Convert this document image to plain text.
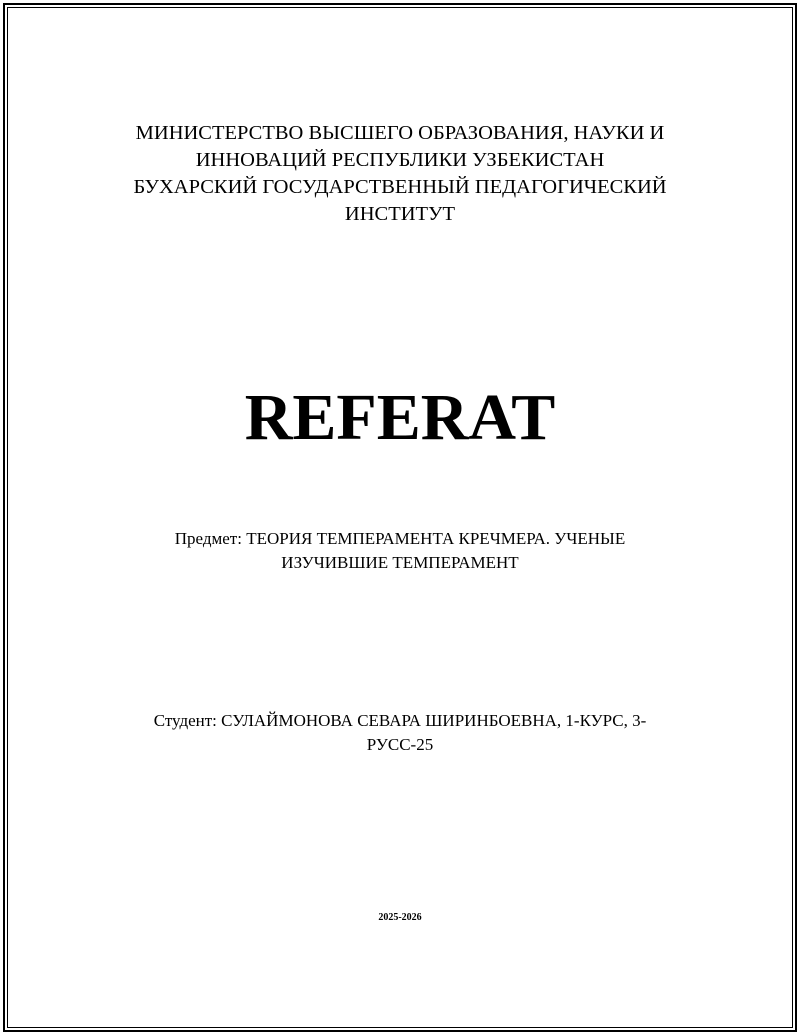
МИНИСТЕРСТВО ВЫСШЕГО ОБРАЗОВАНИЯ, НАУКИ И
ИННОВАЦИЙ РЕСПУБЛИКИ УЗБЕКИСТАН
БУХАРСКИЙ ГОСУДАРСТВЕННЫЙ ПЕДАГОГИЧЕСКИЙ
ИНСТИТУТ
REFERAT
Предмет: ТЕОРИЯ ТЕМПЕРАМЕНТА КРЕЧМЕРА. УЧЕНЫЕ
ИЗУЧИВШИЕ ТЕМПЕРАМЕНТ
Студент: СУЛАЙМОНОВА СЕВАРА ШИРИНБОЕВНА, 1-КУРС, 3-
РУСС-25
2025-2026
